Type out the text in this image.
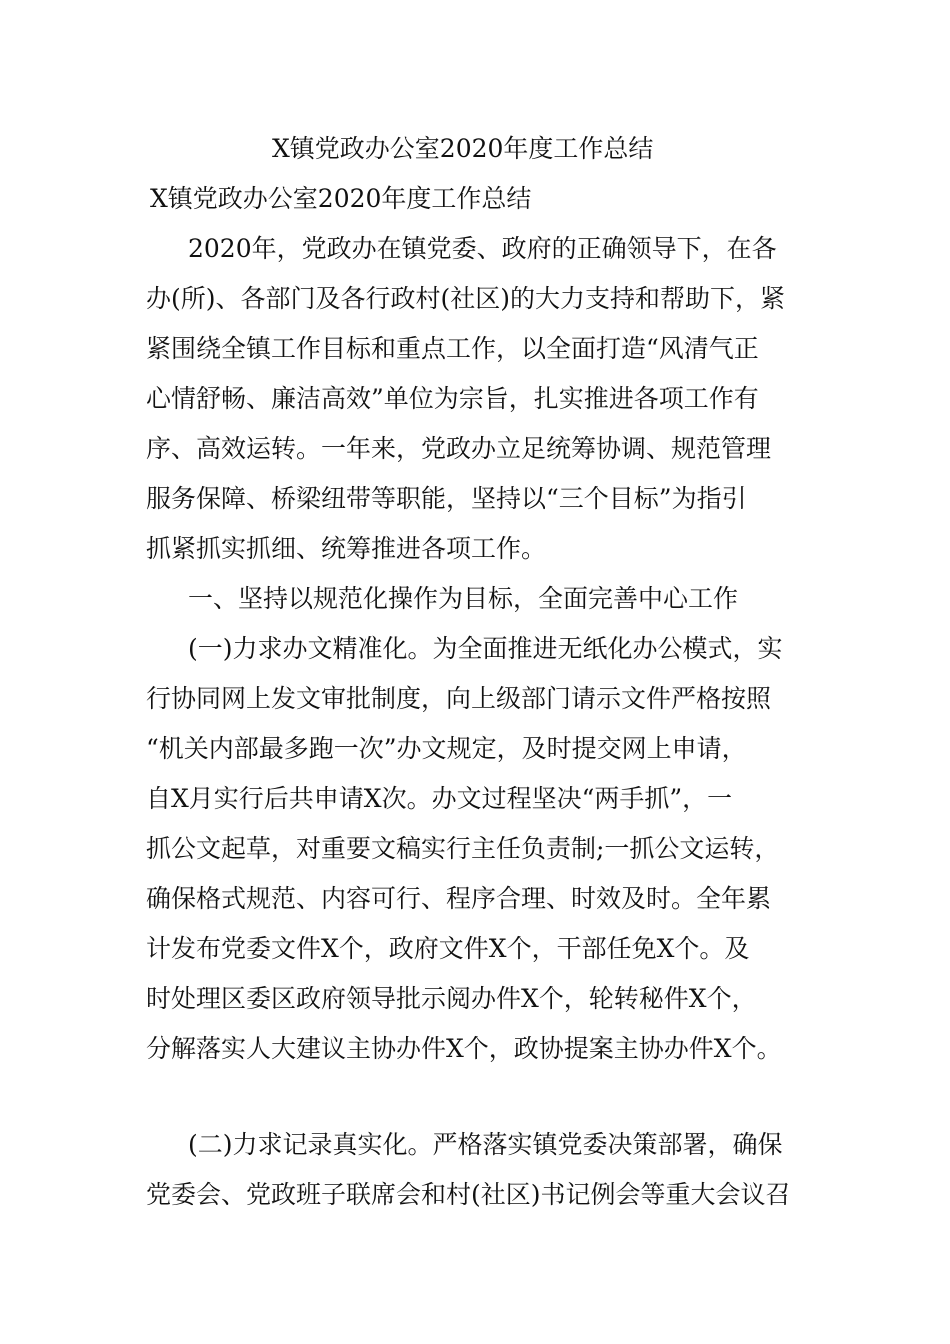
X镇党政办公室2020年度工作总结

X镇党政办公室2020年度工作总结

2020年，党政办在镇党委、政府的正确领导下，在各

办(所)、各部门及各行政村(社区)的大力支持和帮助下，紧

紧围绕全镇工作目标和重点工作，以全面打造“风清气正

心情舒畅、廉洁高效”单位为宗旨，扎实推进各项工作有

序、高效运转。一年来，党政办立足统筹协调、规范管理

服务保障、桥梁纽带等职能，坚持以“三个目标”为指引

抓紧抓实抓细、统筹推进各项工作。

一、坚持以规范化操作为目标，全面完善中心工作

(一)力求办文精准化。为全面推进无纸化办公模式，实

行协同网上发文审批制度，向上级部门请示文件严格按照

“机关内部最多跑一次”办文规定，及时提交网上申请，

自X月实行后共申请X次。办文过程坚决“两手抓”，一

抓公文起草，对重要文稿实行主任负责制;一抓公文运转，

确保格式规范、内容可行、程序合理、时效及时。全年累

计发布党委文件X个，政府文件X个，干部任免X个。及

时处理区委区政府领导批示阅办件X个，轮转秘件X个，

分解落实人大建议主协办件X个，政协提案主协办件X个。

(二)力求记录真实化。严格落实镇党委决策部署，确保

党委会、党政班子联席会和村(社区)书记例会等重大会议召
